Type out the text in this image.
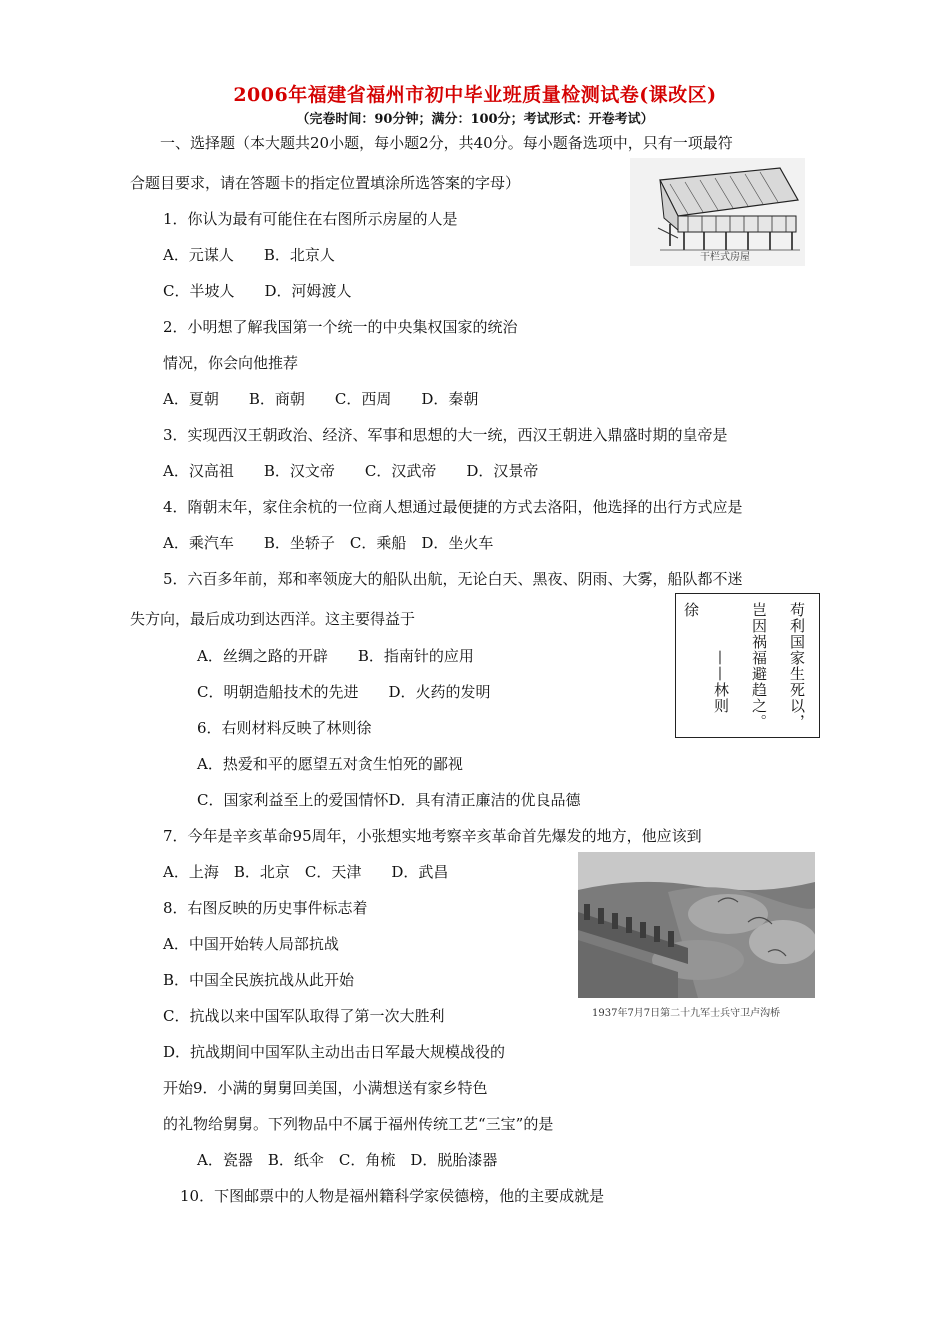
2006年福建省福州市初中毕业班质量检测试卷(课改区)
（完卷时间：90分钟；满分：100分；考试形式：开卷考试）
一、选择题（本大题共20小题，每小题2分，共40分。每小题备选项中，只有一项最符
合题目要求，请在答题卡的指定位置填涂所选答案的字母）
干栏式房屋
1．你认为最有可能住在右图所示房屋的人是
A．元谋人　　B．北京人
C．半坡人　　D．河姆渡人
2．小明想了解我国第一个统一的中央集权国家的统治
情况，你会向他推荐
A．夏朝　　B．商朝　　C．西周　　D．秦朝
3．实现西汉王朝政治、经济、军事和思想的大一统，西汉王朝进入鼎盛时期的皇帝是
A．汉高祖　　B．汉文帝　　C．汉武帝　　D．汉景帝
4．隋朝末年，家住余杭的一位商人想通过最便捷的方式去洛阳，他选择的出行方式应是
A．乘汽车　　B．坐轿子　C．乘船　D．坐火车
5．六百多年前，郑和率领庞大的船队出航，无论白天、黑夜、阴雨、大雾，船队都不迷
失方向，最后成功到达西洋。这主要得益于
A．丝绸之路的开辟　　B．指南针的应用
C．明朝造船技术的先进　　D．火药的发明	苟利国家生死以，
岂因祸福避趋之。
——林则
徐
6．右则材料反映了林则徐
A．热爱和平的愿望五对贪生怕死的鄙视
C．国家利益至上的爱国情怀D．具有清正廉洁的优良品德
7．今年是辛亥革命95周年，小张想实地考察辛亥革命首先爆发的地方，他应该到
A．上海　B．北京　C．天津　　D．武昌
1937年7月7日第二十九军士兵守卫卢沟桥
8．右图反映的历史事件标志着
A．中国开始转人局部抗战
B．中国全民族抗战从此开始
C．抗战以来中国军队取得了第一次大胜利
D．抗战期间中国军队主动出击日军最大规模战役的
开始9．小满的舅舅回美国，小满想送有家乡特色
的礼物给舅舅。下列物品中不属于福州传统工艺“三宝”的是
A．瓷器　B．纸伞　C．角梳　D．脱胎漆器
10．下图邮票中的人物是福州籍科学家侯德榜，他的主要成就是
